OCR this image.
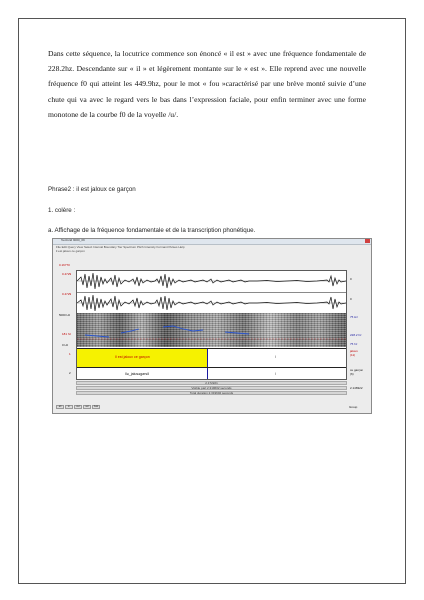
Dans cette séquence, la locutrice commence son énoncé « il est » avec une fréquence fondamentale de 228.2hz. Descendante sur « il » et légèrement montante sur le « est ». Elle reprend avec une nouvelle fréquence f0 qui atteint les 449.9hz, pour le mot « fou »caractérisé par une brève monté suivie d’une chute qui va avec le regard vers le bas dans l’expression faciale, pour enfin terminer avec une forme monotone de la courbe f0 de la voyelle /u/.

Phrase2 : il est jaloux ce garçon
1. colère :
a. Affichage de la fréquence fondamentale et de la transcription phonétique.
TextGrid 9000_09
File Edit Query View Select Interval Boundary Tier Spectrum Pitch Intensity Formant Pulses Help
il est jaloux ce garçon
0.16770
0.4729
0.4729
5000 Hz
181 hz
0 Hz
1
2
Il est jaloux ce garçon	/
Ilə_jalusəgarsõ	/
0
0
75 Hz
228.2 hz
75 hz
jaloux
(11)
ce garçon
(6)
2.172221
Visible part 2.319602 seconds
Total duration 2.319602 seconds
2.148322
all	in out sel bak	Group
